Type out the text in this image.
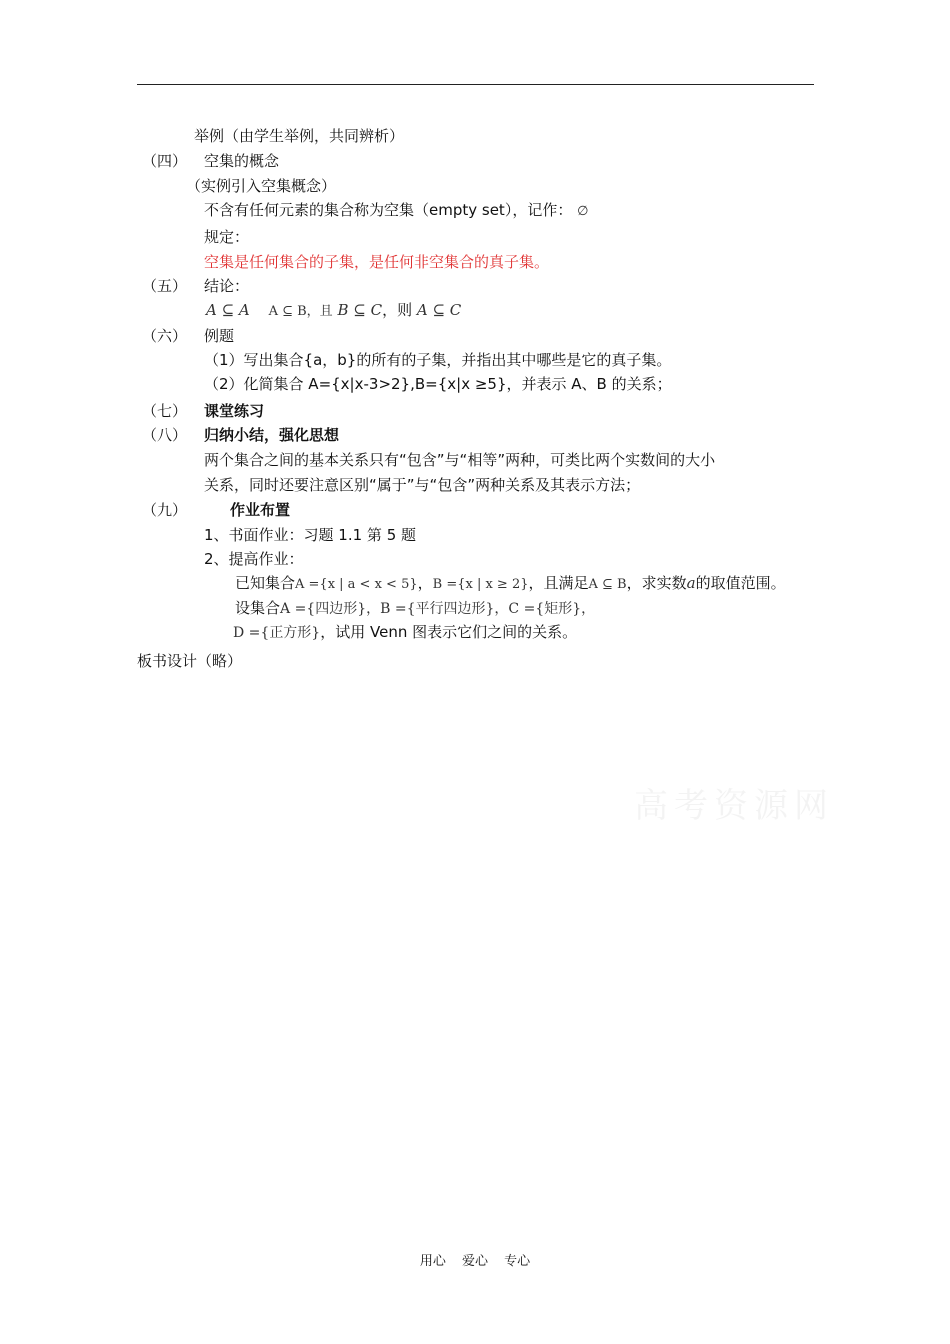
举例（由学生举例，共同辨析）
（四） 空集的概念
（实例引入空集概念）
不含有任何元素的集合称为空集（empty set），记作： ∅
规定：
空集是任何集合的子集，是任何非空集合的真子集。
（五） 结论：
A ⊆ A A ⊆ B，且 B ⊆ C，则 A ⊆ C
（六） 例题
（1）写出集合{a，b}的所有的子集，并指出其中哪些是它的真子集。
（2）化简集合 A={x|x-3>2},B={x|x ≥5}，并表示 A、B 的关系；
（七） 课堂练习
（八） 归纳小结，强化思想
两个集合之间的基本关系只有“包含”与“相等”两种，可类比两个实数间的大小
关系，同时还要注意区别“属于”与“包含”两种关系及其表示方法；
（九）	作业布置
1、书面作业：习题 1.1 第 5 题
2、提高作业：
已知集合A ={x | a < x < 5}，B ={x | x ≥ 2}，且满足A ⊆ B，求实数a的取值范围。
设集合A ={四边形}，B ={平行四边形}，C ={矩形}，
D ={正方形}，试用 Venn 图表示它们之间的关系。
板书设计（略）
高考资源网
用心 爱心 专心
